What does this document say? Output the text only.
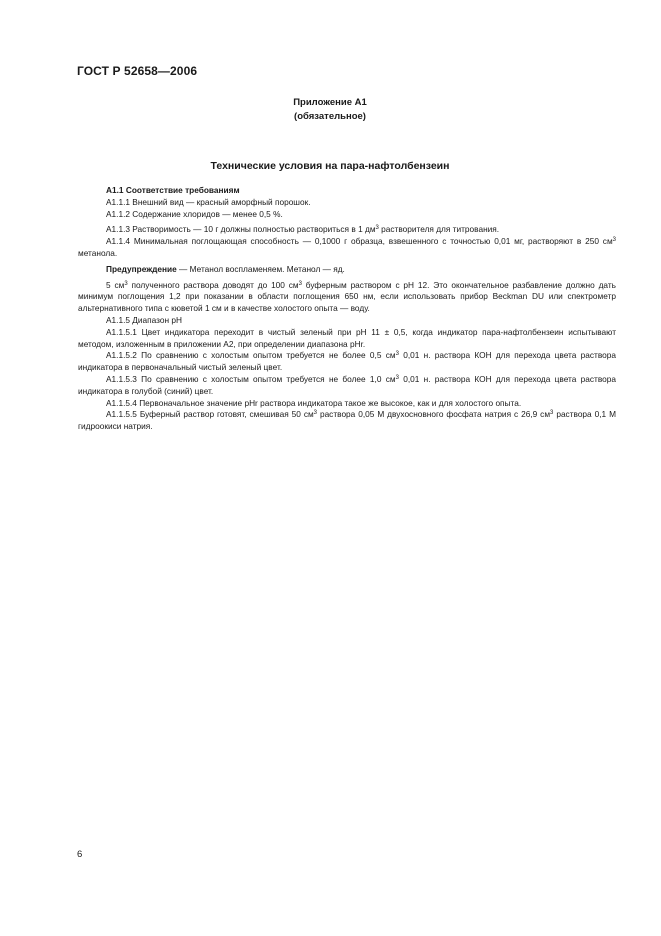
ГОСТ Р 52658—2006
Приложение А1
(обязательное)
Технические условия на пара-нафтолбензеин

А1.1 Соответствие требованиям

А1.1.1 Внешний вид — красный аморфный порошок.

А1.1.2 Содержание хлоридов — менее 0,5 %.

А1.1.3 Растворимость — 10 г должны полностью раствориться в 1 $дм^3$ растворителя для титрования.

А1.1.4 Минимальная поглощающая способность — 0,1000 г образца, взвешенного с точностью 0,01 мг, растворяют в 250 $см^3$ метанола.

Предупреждение — Метанол воспламеняем. Метанол — яд.

5 $см^3$ полученного раствора доводят до 100 $см^3$ буферным раствором с pH 12. Это окончательное разбавление должно дать минимум поглощения 1,2 при показании в области поглощения 650 нм, если использовать прибор Beckman DU или спектрометр альтернативного типа с кюветой 1 см и в качестве холостого опыта — воду.

А1.1.5 Диапазон pH

А1.1.5.1 Цвет индикатора переходит в чистый зеленый при pH 11 ± 0,5, когда индикатор пара-нафтолбензеин испытывают методом, изложенным в приложении А2, при определении диапазона pHr.

А1.1.5.2 По сравнению с холостым опытом требуется не более 0,5 $см^3$ 0,01 н. раствора КОН для перехода цвета раствора индикатора в первоначальный чистый зеленый цвет.

А1.1.5.3 По сравнению с холостым опытом требуется не более 1,0 $см^3$ 0,01 н. раствора КОН для перехода цвета раствора индикатора в голубой (синий) цвет.

А1.1.5.4 Первоначальное значение pHr раствора индикатора такое же высокое, как и для холостого опыта.

А1.1.5.5 Буферный раствор готовят, смешивая 50 $см^3$ раствора 0,05 М двухосновного фосфата натрия с 26,9 $см^3$ раствора 0,1 М гидроокиси натрия.

6
